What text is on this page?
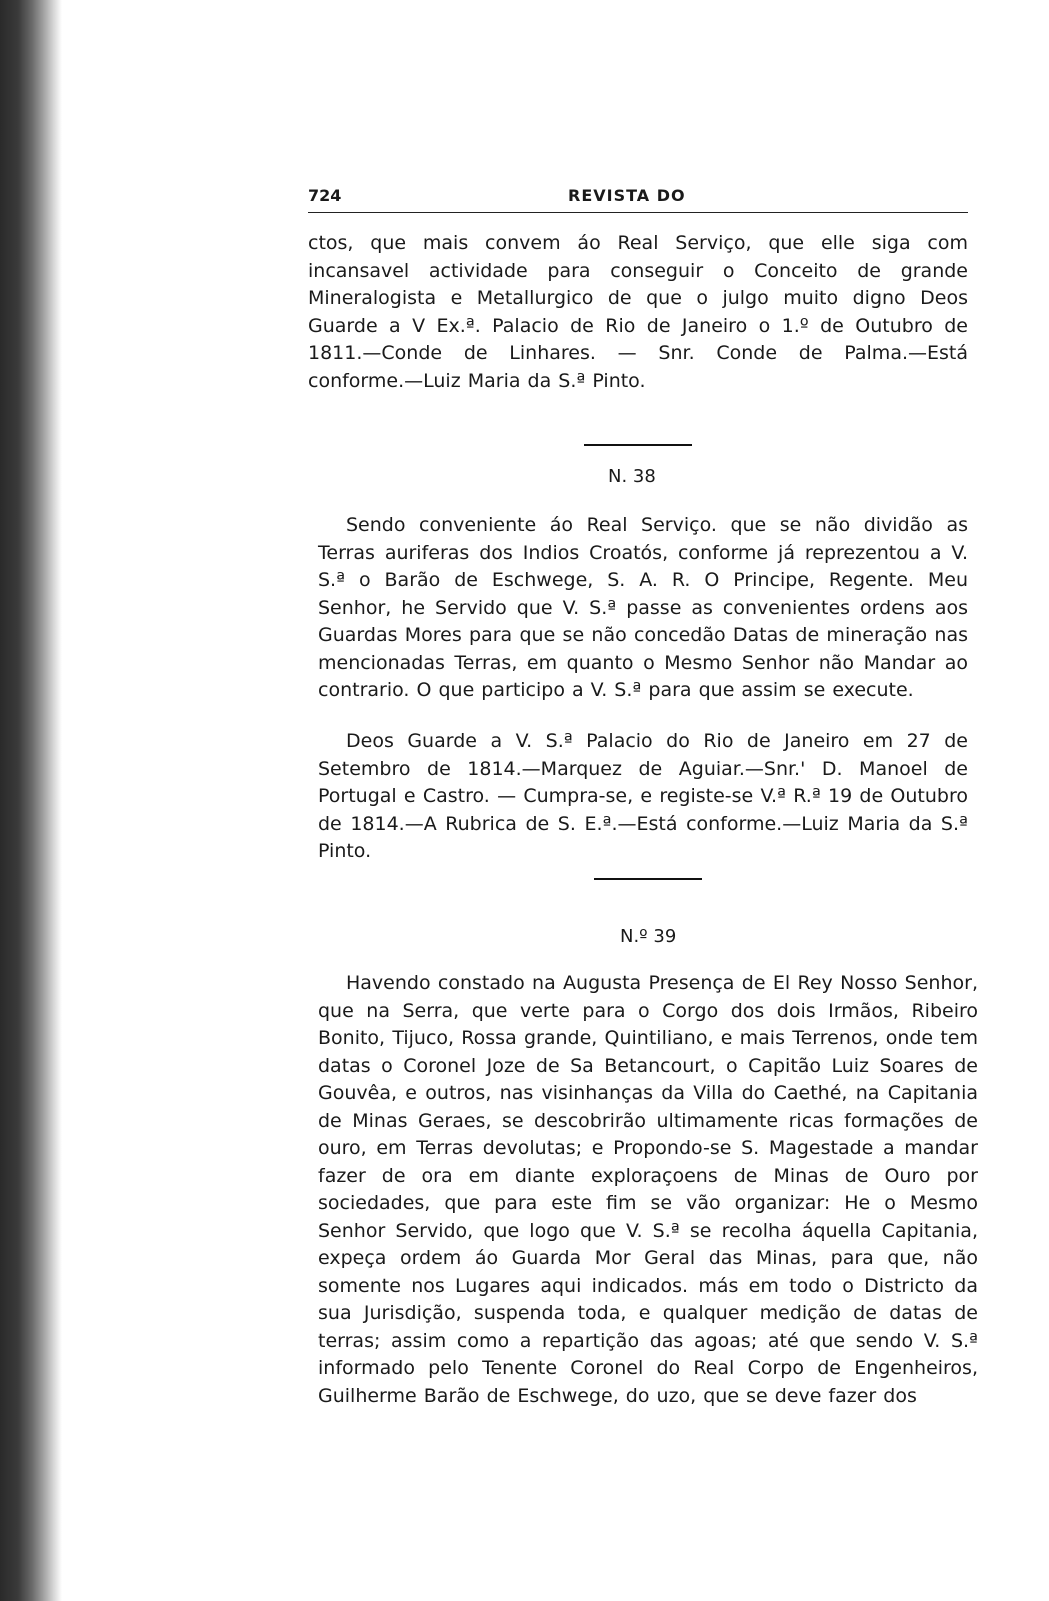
724	REVISTA DO

ctos, que mais convem áo Real Serviço, que elle siga com incansavel actividade para conseguir o Conceito de grande Mineralogista e Metallurgico de que o julgo muito digno Deos Guarde a V Ex.ª. Palacio de Rio de Janeiro o 1.º de Outubro de 1811.—Conde de Linhares. — Snr. Conde de Palma.—Está conforme.—Luiz Maria da S.ª Pinto.

N. 38

Sendo conveniente áo Real Serviço. que se não dividão as Terras auriferas dos Indios Croatós, conforme já reprezentou a V. S.ª o Barão de Eschwege, S. A. R. O Principe, Regente. Meu Senhor, he Servido que V. S.ª passe as convenientes ordens aos Guardas Mores para que se não concedão Datas de mineração nas mencionadas Terras, em quanto o Mesmo Senhor não Mandar ao contrario. O que participo a V. S.ª para que assim se execute.

Deos Guarde a V. S.ª Palacio do Rio de Janeiro em 27 de Setembro de 1814.—Marquez de Aguiar.—Snr.' D. Manoel de Portugal e Castro. — Cumpra-se, e registe-se V.ª R.ª 19 de Outubro de 1814.—A Rubrica de S. E.ª.—Está conforme.—Luiz Maria da S.ª Pinto.

N.º 39

Havendo constado na Augusta Presença de El Rey Nosso Senhor, que na Serra, que verte para o Corgo dos dois Irmãos, Ribeiro Bonito, Tijuco, Rossa grande, Quintiliano, e mais Terrenos, onde tem datas o Coronel Joze de Sa Betancourt, o Capitão Luiz Soares de Gouvêa, e outros, nas visinhanças da Villa do Caethé, na Capitania de Minas Geraes, se descobrirão ultimamente ricas formações de ouro, em Terras devolutas; e Propondo-se S. Magestade a mandar fazer de ora em diante exploraçoens de Minas de Ouro por sociedades, que para este fim se vão organizar: He o Mesmo Senhor Servido, que logo que V. S.ª se recolha áquella Capitania, expeça ordem áo Guarda Mor Geral das Minas, para que, não somente nos Lugares aqui indicados. más em todo o Districto da sua Jurisdição, suspenda toda, e qualquer medição de datas de terras; assim como a repartição das agoas; até que sendo V. S.ª informado pelo Tenente Coronel do Real Corpo de Engenheiros, Guilherme Barão de Eschwege, do uzo, que se deve fazer dos
